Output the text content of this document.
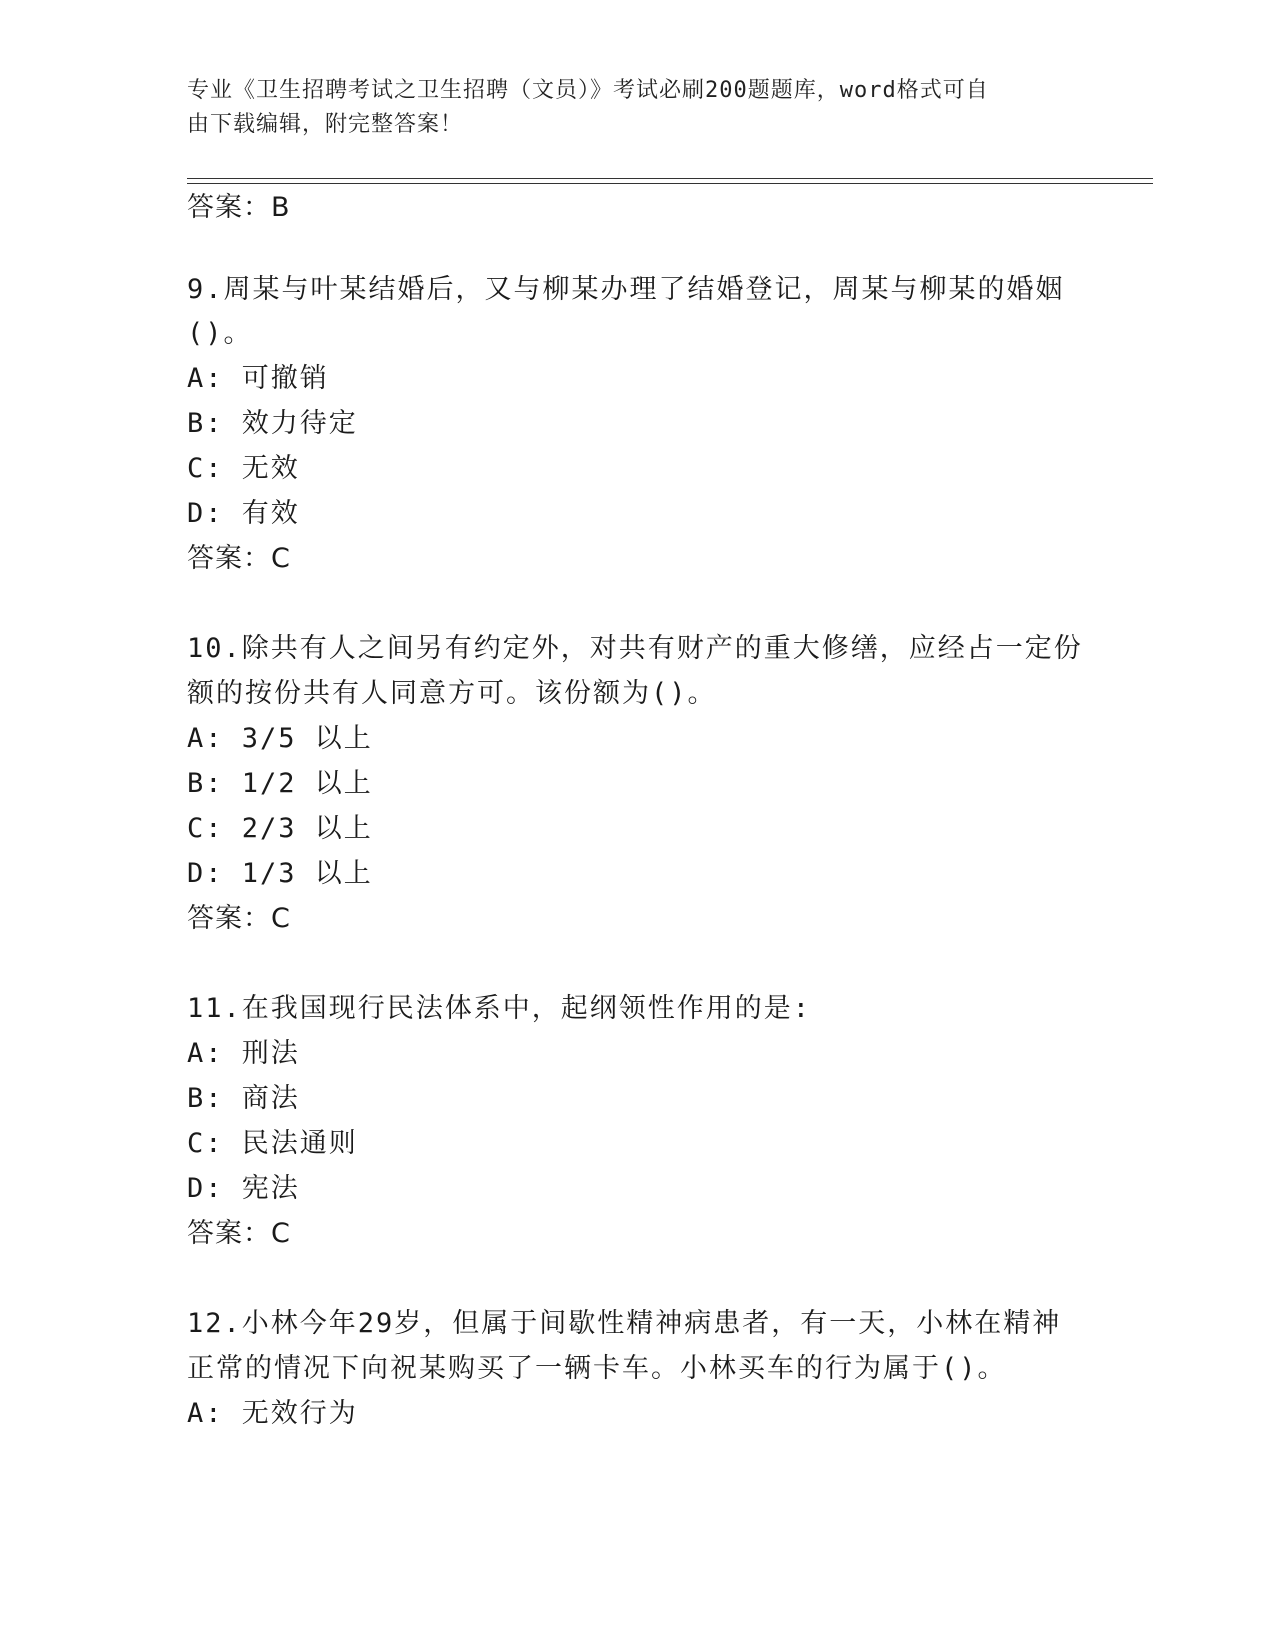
专业《卫生招聘考试之卫生招聘（文员）》考试必刷200题题库，word格式可自
由下载编辑，附完整答案！
答案：B
9.周某与叶某结婚后，又与柳某办理了结婚登记，周某与柳某的婚姻
()。
A: 可撤销
B: 效力待定
C: 无效
D: 有效
答案：C
10.除共有人之间另有约定外，对共有财产的重大修缮，应经占一定份
额的按份共有人同意方可。该份额为()。
A: 3/5 以上
B: 1/2 以上
C: 2/3 以上
D: 1/3 以上
答案：C
11.在我国现行民法体系中，起纲领性作用的是:
A: 刑法
B: 商法
C: 民法通则
D: 宪法
答案：C
12.小林今年29岁，但属于间歇性精神病患者，有一天，小林在精神
正常的情况下向祝某购买了一辆卡车。小林买车的行为属于()。
A: 无效行为
